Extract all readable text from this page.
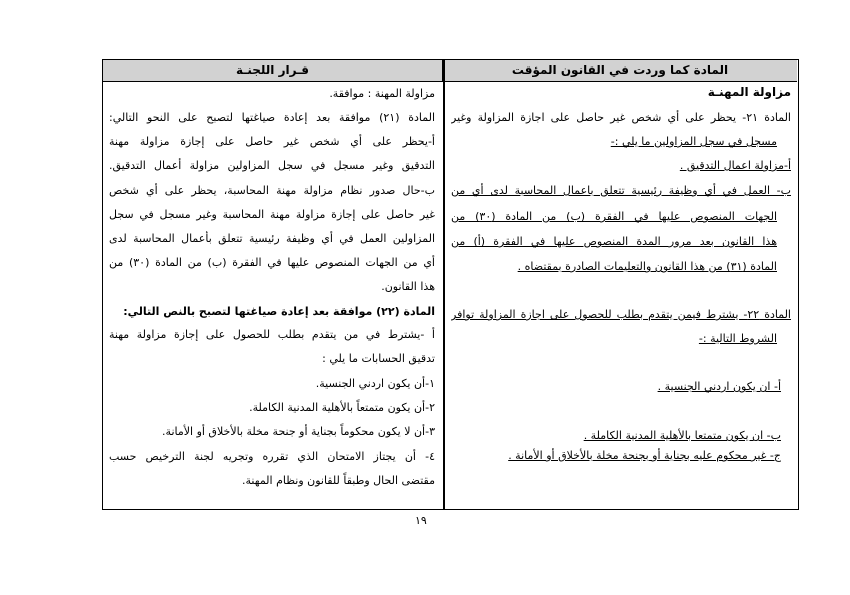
قـرار اللجنـة	المادة كما وردت في القانون المؤقت
مزاولة المهنـة
المادة ٢١- يحظر على أي شخص غير حاصل على اجازة المزاولة وغير
مسجل في سجل المزاولين ما يلي :-
أ-مزاولة اعمال التدقيق .
ب- العمل في أي وظيفة رئيسية تتعلق باعمال المحاسبة لدى أي من
الجهات المنصوص عليها في الفقرة (ب) من المادة (٣٠) من
هذا القانون بعد مرور المدة المنصوص عليها في الفقرة (أ) من
المادة (٣١) من هذا القانون والتعليمات الصادرة بمقتضاه .
المادة ٢٢- يشترط فيمن يتقدم بطلب للحصول على اجازة المزاولة توافر
الشروط التالية :-
أ- ان يكون اردني الجنسية .
ب- ان يكون متمتعا بالأهلية المدنية الكاملة .
ج- غير محكوم عليه بجناية أو بجنحة مخلة بالأخلاق أو الأمانة .
مزاولة المهنة : موافقة.
المادة (٢١) موافقة بعد إعادة صياغتها لتصبح على النحو التالي:
أ-يحظر على أي شخص غير حاصل على إجازة مزاولة مهنة
التدقيق وغير مسجل في سجل المزاولين مزاولة أعمال التدقيق.
ب-حال صدور نظام مزاولة مهنة المحاسبة، يحظر على أي شخص
غير حاصل على إجازة مزاولة مهنة المحاسبة وغير مسجل في سجل
المزاولين العمل في أي وظيفة رئيسية تتعلق بأعمال المحاسبة لدى
أي من الجهات المنصوص عليها في الفقرة (ب) من المادة (٣٠) من
هذا القانون.
المادة (٢٢) موافقة بعد إعادة صياغتها لتصبح بالنص التالي:
أ -يشترط في من يتقدم بطلب للحصول على إجازة مزاولة مهنة
تدقيق الحسابات ما يلي :
١-أن يكون اردني الجنسية.
٢-أن يكون متمتعاً بالأهلية المدنية الكاملة.
٣-أن لا يكون محكوماً بجناية أو جنحة مخلة بالأخلاق أو الأمانة.
٤- أن يجتاز الامتحان الذي تقرره وتجريه لجنة الترخيص حسب
مقتضى الحال وطبقاً للقانون ونظام المهنة.
١٩
